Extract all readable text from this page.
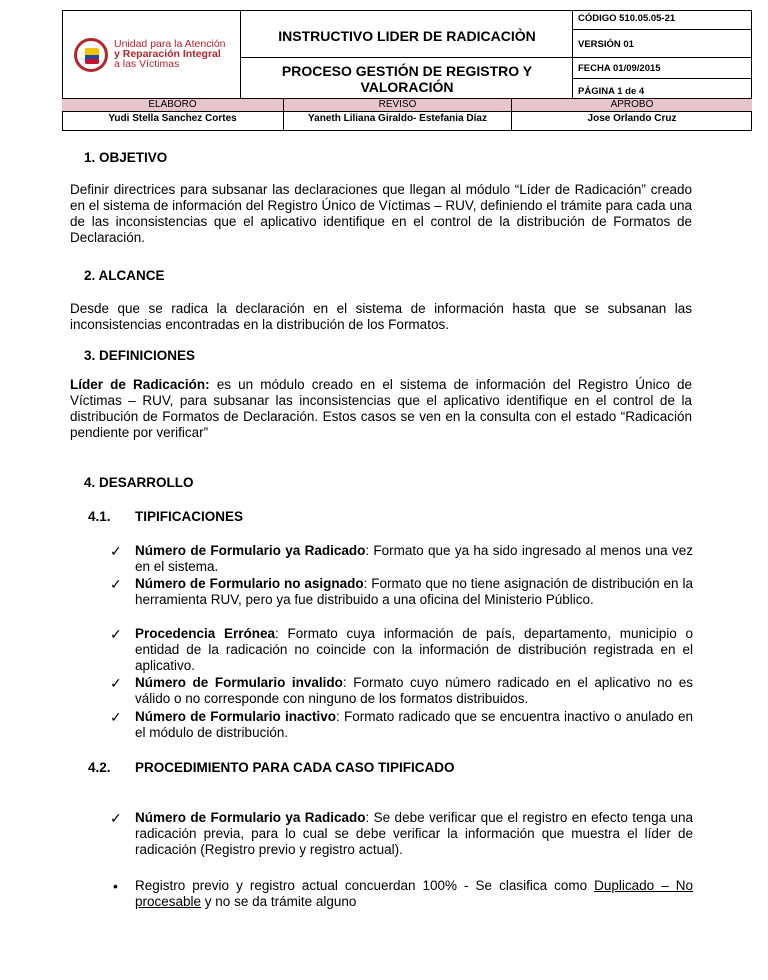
Unidad para la Atención
y Reparación Integral
a las Víctimas
INSTRUCTIVO LIDER DE RADICACIÒN
PROCESO GESTIÓN DE REGISTRO Y VALORACIÓN
CÓDIGO 510.05.05-21
VERSIÓN 01
FECHA 01/09/2015
PÁGINA 1 de 4
ELABORÓ	REVISÓ	APROBÓ
Yudi Stella Sanchez Cortes	Yaneth Liliana Giraldo- Estefania Díaz	Jose Orlando Cruz
1. OBJETIVO
Definir directrices para subsanar las declaraciones que llegan al módulo “Líder de Radicación” creado en el sistema de información del Registro Único de Víctimas – RUV, definiendo el trámite para cada una de las inconsistencias que el aplicativo identifique en el control de la distribución de Formatos de Declaración.
2. ALCANCE
Desde que se radica la declaración en el sistema de información hasta que se subsanan las inconsistencias encontradas en la distribución de los Formatos.
3. DEFINICIONES
Líder de Radicación: es un módulo creado en el sistema de información del Registro Único de Víctimas – RUV, para subsanar las inconsistencias que el aplicativo identifique en el control de la distribución de Formatos de Declaración. Estos casos se ven en la consulta con el estado “Radicación pendiente por verificar”
4. DESARROLLO
4.1. TIPIFICACIONES
✓ Número de Formulario ya Radicado: Formato que ya ha sido ingresado al menos una vez en el sistema.
✓ Número de Formulario no asignado: Formato que no tiene asignación de distribución en la herramienta RUV, pero ya fue distribuido a una oficina del Ministerio Público.
✓ Procedencia Errónea: Formato cuya información de país, departamento, municipio o entidad de la radicación no coincide con la información de distribución registrada en el aplicativo.
✓ Número de Formulario invalido: Formato cuyo número radicado en el aplicativo no es válido o no corresponde con ninguno de los formatos distribuidos.
✓ Número de Formulario inactivo: Formato radicado que se encuentra inactivo o anulado en el módulo de distribución.
4.2. PROCEDIMIENTO PARA CADA CASO TIPIFICADO
✓ Número de Formulario ya Radicado: Se debe verificar que el registro en efecto tenga una radicación previa, para lo cual se debe verificar la información que muestra el líder de radicación (Registro previo y registro actual).
• Registro previo y registro actual concuerdan 100% - Se clasifica como Duplicado – No procesable y no se da trámite alguno
